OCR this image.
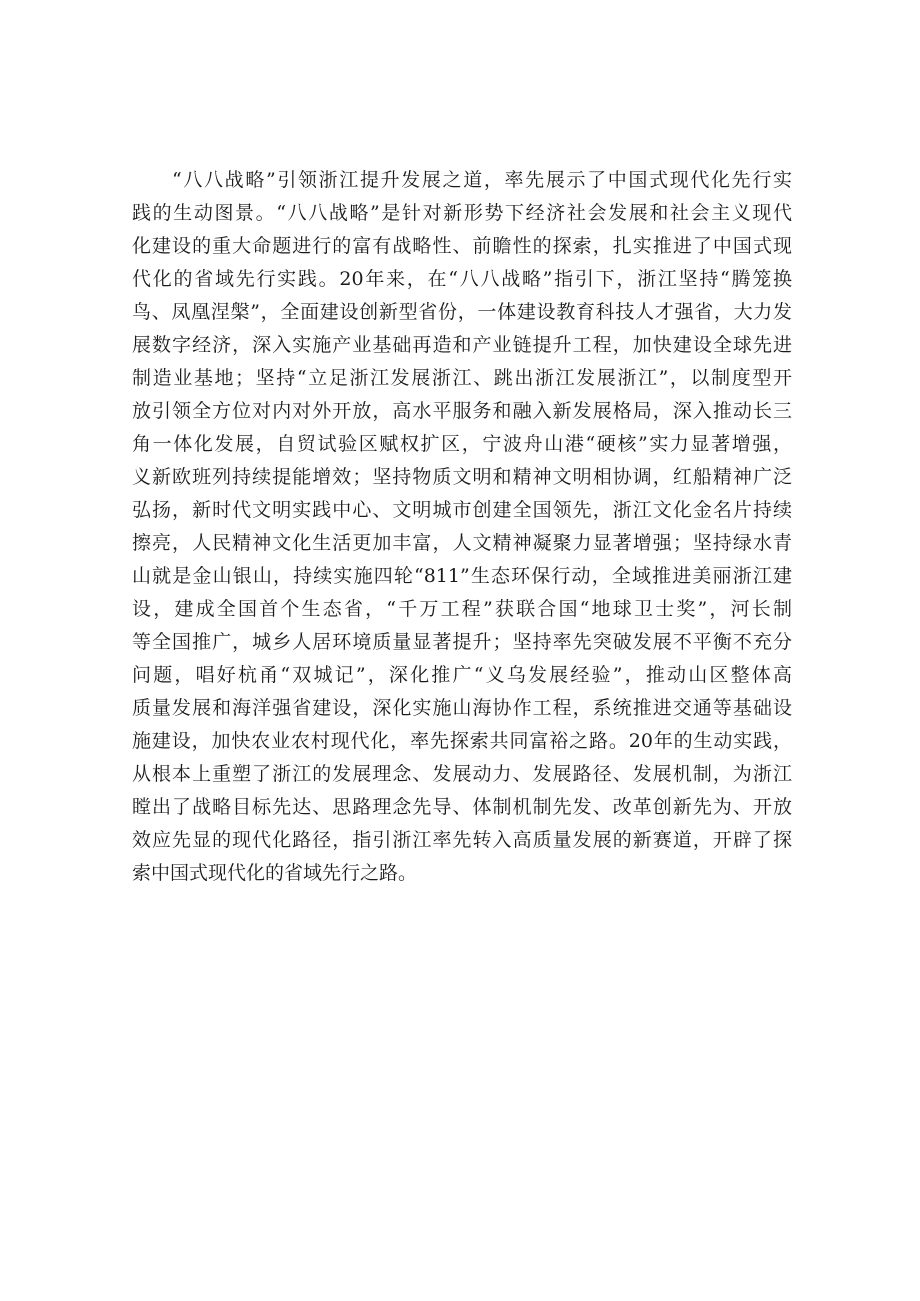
“八八战略”引领浙江提升发展之道，率先展示了中国式现代化先行实
践的生动图景。“八八战略”是针对新形势下经济社会发展和社会主义现代
化建设的重大命题进行的富有战略性、前瞻性的探索，扎实推进了中国式现
代化的省域先行实践。20年来，在“八八战略”指引下，浙江坚持“腾笼换
鸟、凤凰涅槃”，全面建设创新型省份，一体建设教育科技人才强省，大力发
展数字经济，深入实施产业基础再造和产业链提升工程，加快建设全球先进
制造业基地；坚持“立足浙江发展浙江、跳出浙江发展浙江”，以制度型开
放引领全方位对内对外开放，高水平服务和融入新发展格局，深入推动长三
角一体化发展，自贸试验区赋权扩区，宁波舟山港“硬核”实力显著增强，
义新欧班列持续提能增效；坚持物质文明和精神文明相协调，红船精神广泛
弘扬，新时代文明实践中心、文明城市创建全国领先，浙江文化金名片持续
擦亮，人民精神文化生活更加丰富，人文精神凝聚力显著增强；坚持绿水青
山就是金山银山，持续实施四轮“811”生态环保行动，全域推进美丽浙江建
设，建成全国首个生态省，“千万工程”获联合国“地球卫士奖”，河长制
等全国推广，城乡人居环境质量显著提升；坚持率先突破发展不平衡不充分
问题，唱好杭甬“双城记”，深化推广“义乌发展经验”，推动山区整体高
质量发展和海洋强省建设，深化实施山海协作工程，系统推进交通等基础设
施建设，加快农业农村现代化，率先探索共同富裕之路。20年的生动实践，
从根本上重塑了浙江的发展理念、发展动力、发展路径、发展机制，为浙江
瞠出了战略目标先达、思路理念先导、体制机制先发、改革创新先为、开放
效应先显的现代化路径，指引浙江率先转入高质量发展的新赛道，开辟了探
索中国式现代化的省域先行之路。
